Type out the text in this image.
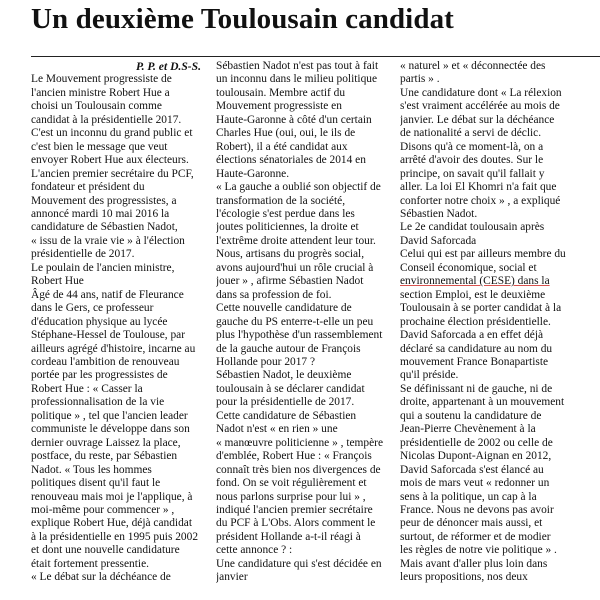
Un deuxième Toulousain candidat
P. P. et D.S-S.
Le Mouvement progressiste de
l'ancien ministre Robert Hue a
choisi un Toulousain comme
candidat à la présidentielle 2017.
C'est un inconnu du grand public et
c'est bien le message que veut
envoyer Robert Hue aux électeurs.
L'ancien premier secrétaire du PCF,
fondateur et président du
Mouvement des progressistes, a
annoncé mardi 10 mai 2016 la
candidature de Sébastien Nadot,
« issu de la vraie vie » à l'élection
présidentielle de 2017.
Le poulain de l'ancien ministre,
Robert Hue
Âgé de 44 ans, natif de Fleurance
dans le Gers, ce professeur
d'éducation physique au lycée
Stéphane-Hessel de Toulouse, par
ailleurs agrégé d'histoire, incarne au
cordeau l'ambition de renouveau
portée par les progressistes de
Robert Hue : « Casser la
professionnalisation de la vie
politique » , tel que l'ancien leader
communiste le développe dans son
dernier ouvrage Laissez la place,
postface, du reste, par Sébastien
Nadot. « Tous les hommes
politiques disent qu'il faut le
renouveau mais moi je l'applique, à
moi-même pour commencer » ,
explique Robert Hue, déjà candidat
à la présidentielle en 1995 puis 2002
et dont une nouvelle candidature
était fortement pressentie.
« Le débat sur la déchéance de
Sébastien Nadot n'est pas tout à fait
un inconnu dans le milieu politique
toulousain. Membre actif du
Mouvement progressiste en
Haute-Garonne à côté d'un certain
Charles Hue (oui, oui, le ils de
Robert), il a été candidat aux
élections sénatoriales de 2014 en
Haute-Garonne.
« La gauche a oublié son objectif de
transformation de la société,
l'écologie s'est perdue dans les
joutes politiciennes, la droite et
l'extrême droite attendent leur tour.
Nous, artisans du progrès social,
avons aujourd'hui un rôle crucial à
jouer » , afirme Sébastien Nadot
dans sa profession de foi.
Cette nouvelle candidature de
gauche du PS enterre-t-elle un peu
plus l'hypothèse d'un rassemblement
de la gauche autour de François
Hollande pour 2017 ?
Sébastien Nadot, le deuxième
toulousain à se déclarer candidat
pour la présidentielle de 2017.
Cette candidature de Sébastien
Nadot n'est « en rien » une
« manœuvre politicienne » , tempère
d'emblée, Robert Hue : « François
connaît très bien nos divergences de
fond. On se voit régulièrement et
nous parlons surprise pour lui » ,
indiqué l'ancien premier secrétaire
du PCF à L'Obs. Alors comment le
président Hollande a-t-il réagi à
cette annonce ? :
Une candidature qui s'est décidée en
janvier
« naturel » et « déconnectée des
partis » .
Une candidature dont « La rélexion
s'est vraiment accélérée au mois de
janvier. Le débat sur la déchéance
de nationalité a servi de déclic.
Disons qu'à ce moment-là, on a
arrêté d'avoir des doutes. Sur le
principe, on savait qu'il fallait y
aller. La loi El Khomri n'a fait que
conforter notre choix » , a expliqué
Sébastien Nadot.
Le 2e candidat toulousain après
David Saforcada
Celui qui est par ailleurs membre du
Conseil économique, social et
environnemental (CESE) dans la
section Emploi, est le deuxième
Toulousain à se porter candidat à la
prochaine élection présidentielle.
David Saforcada a en effet déjà
déclaré sa candidature au nom du
mouvement France Bonapartiste
qu'il préside.
Se définissant ni de gauche, ni de
droite, appartenant à un mouvement
qui a soutenu la candidature de
Jean-Pierre Chevènement à la
présidentielle de 2002 ou celle de
Nicolas Dupont-Aignan en 2012,
David Saforcada s'est élancé au
mois de mars veut « redonner un
sens à la politique, un cap à la
France. Nous ne devons pas avoir
peur de dénoncer mais aussi, et
surtout, de réformer et de modier
les règles de notre vie politique » .
Mais avant d'aller plus loin dans
leurs propositions, nos deux
